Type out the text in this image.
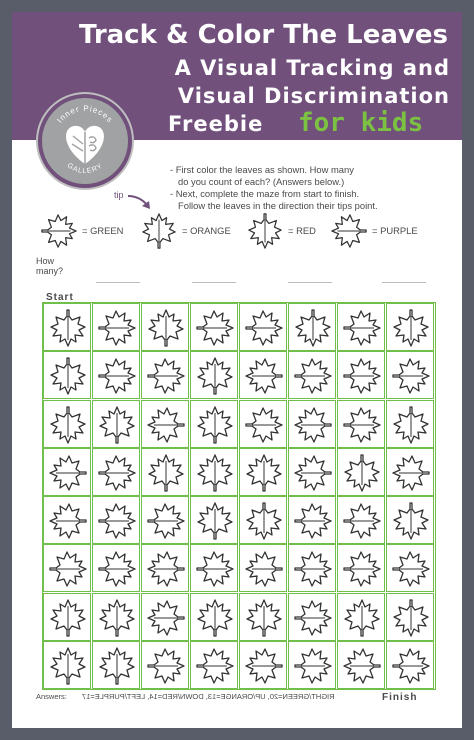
Track & Color The Leaves
A Visual Tracking and
Visual Discrimination
Freebie for kids
Inner Pieces
GALLERY	- First color the leaves as shown. How many
do you count of each? (Answers below.)
- Next, complete the maze from start to finish.
Follow the leaves in the direction their tips point.
tip
= GREEN	= ORANGE	= RED	= PURPLE
How
many?
Start
Answers: RIGHT/GREEN=20, UP/ORANGE=13, DOWN/RED=14, LEFT/PURPLE=17	Finish
